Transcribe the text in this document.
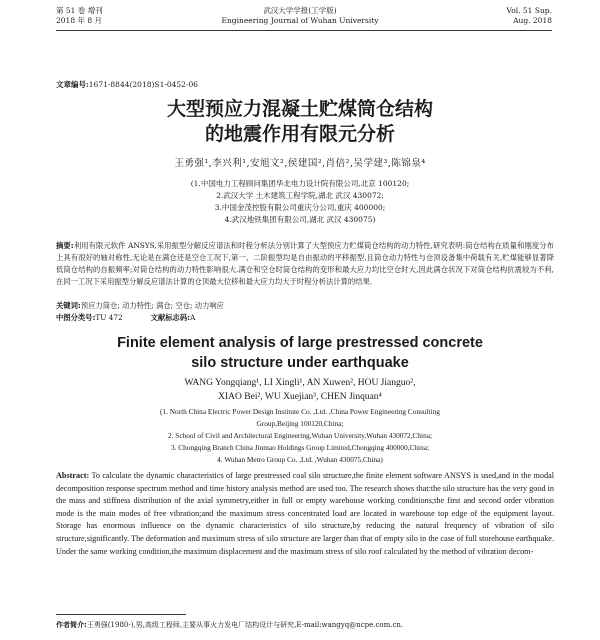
第 51 卷 增刊
2018 年 8 月
武汉大学学报(工学版)
Engineering Journal of Wuhan University
Vol. 51 Sup.
Aug. 2018
文章编号:1671-8844(2018)S1-0452-06
大型预应力混凝土贮煤筒仓结构
的地震作用有限元分析
王勇强¹,李兴利¹,安旭文²,侯建国²,肖倍²,吴学建³,陈锦泉⁴
(1.中国电力工程顾问集团华北电力设计院有限公司,北京 100120;
2.武汉大学 土木建筑工程学院,湖北 武汉 430072;
3.中国金茂控股有限公司重庆分公司,重庆 400000;
4.武汉地铁集团有限公司,湖北 武汉 430075)
摘要:利用有限元软件 ANSYS,采用振型分解反应谱法和时程分析法分别计算了大型预应力贮煤筒仓结构的动力特性,研究表明:筒仓结构在质量和刚度分布上具有很好的轴对称性,无论是在满仓还是空仓工况下,第一、二阶振型均是自由振动的平移振型,且筒仓动力特性与仓顶设备集中荷载有关,贮煤能够显著降低筒仓结构的自振频率;对筒仓结构的动力特性影响很大.满仓和空仓时筒仓结构的变形和最大应力均比空仓时大,因此满仓状况下对筒仓结构抗震较为不利,在同一工况下采用振型分解反应谱法计算的仓顶最大位移和最大应力均大于时程分析法计算的结果.
关键词:预应力筒仓; 动力特性; 满仓; 空仓; 动力响应
中图分类号:TU 472	文献标志码:A
Finite element analysis of large prestressed concrete
silo structure under earthquake
WANG Yongqiang¹, LI Xingli¹, AN Xuwen², HOU Jianguo²,
XIAO Bei², WU Xuejian³, CHEN Jinquan⁴
(1. North China Electric Power Design Institute Co. ,Ltd. ,China Power Engineering Consulting
Group,Beijing 100120,China;
2. School of Civil and Architectural Engineering,Wuhan University,Wuhan 430072,China;
3. Chongqing Branch China Jinmao Holdings Group Limited,Chongqing 400000,China;
4. Wuhan Metro Group Co. ,Ltd. ,Wuhan 430075,China)
Abstract: To calculate the dynamic characteristics of large prestressed coal silo structure,the finite element software ANSYS is used,and in the modal decomposition response spectrum method and time history analysis method are used too. The research shows that:the silo structure has the very good in the mass and stiffness distribution of the axial symmetry,either in full or empty warehouse working conditions;the first and second order vibration mode is the main modes of free vibration;and the maximum stress concentrated load are located in warehouse top edge of the equipment layout. Storage has enormous influence on the dynamic characteristics of silo structure,by reducing the natural frequency of vibration of silo structure,significantly. The deformation and maximum stress of silo structure are larger than that of empty silo in the case of full storehouse earthquake. Under the same working condition,the maximum displacement and the maximum stress of silo roof calculated by the method of vibration decom-
作者简介:王勇强(1980-),男,高级工程师,主要从事火力发电厂结构设计与研究,E-mail:wangyq@ncpe.com.cn.
